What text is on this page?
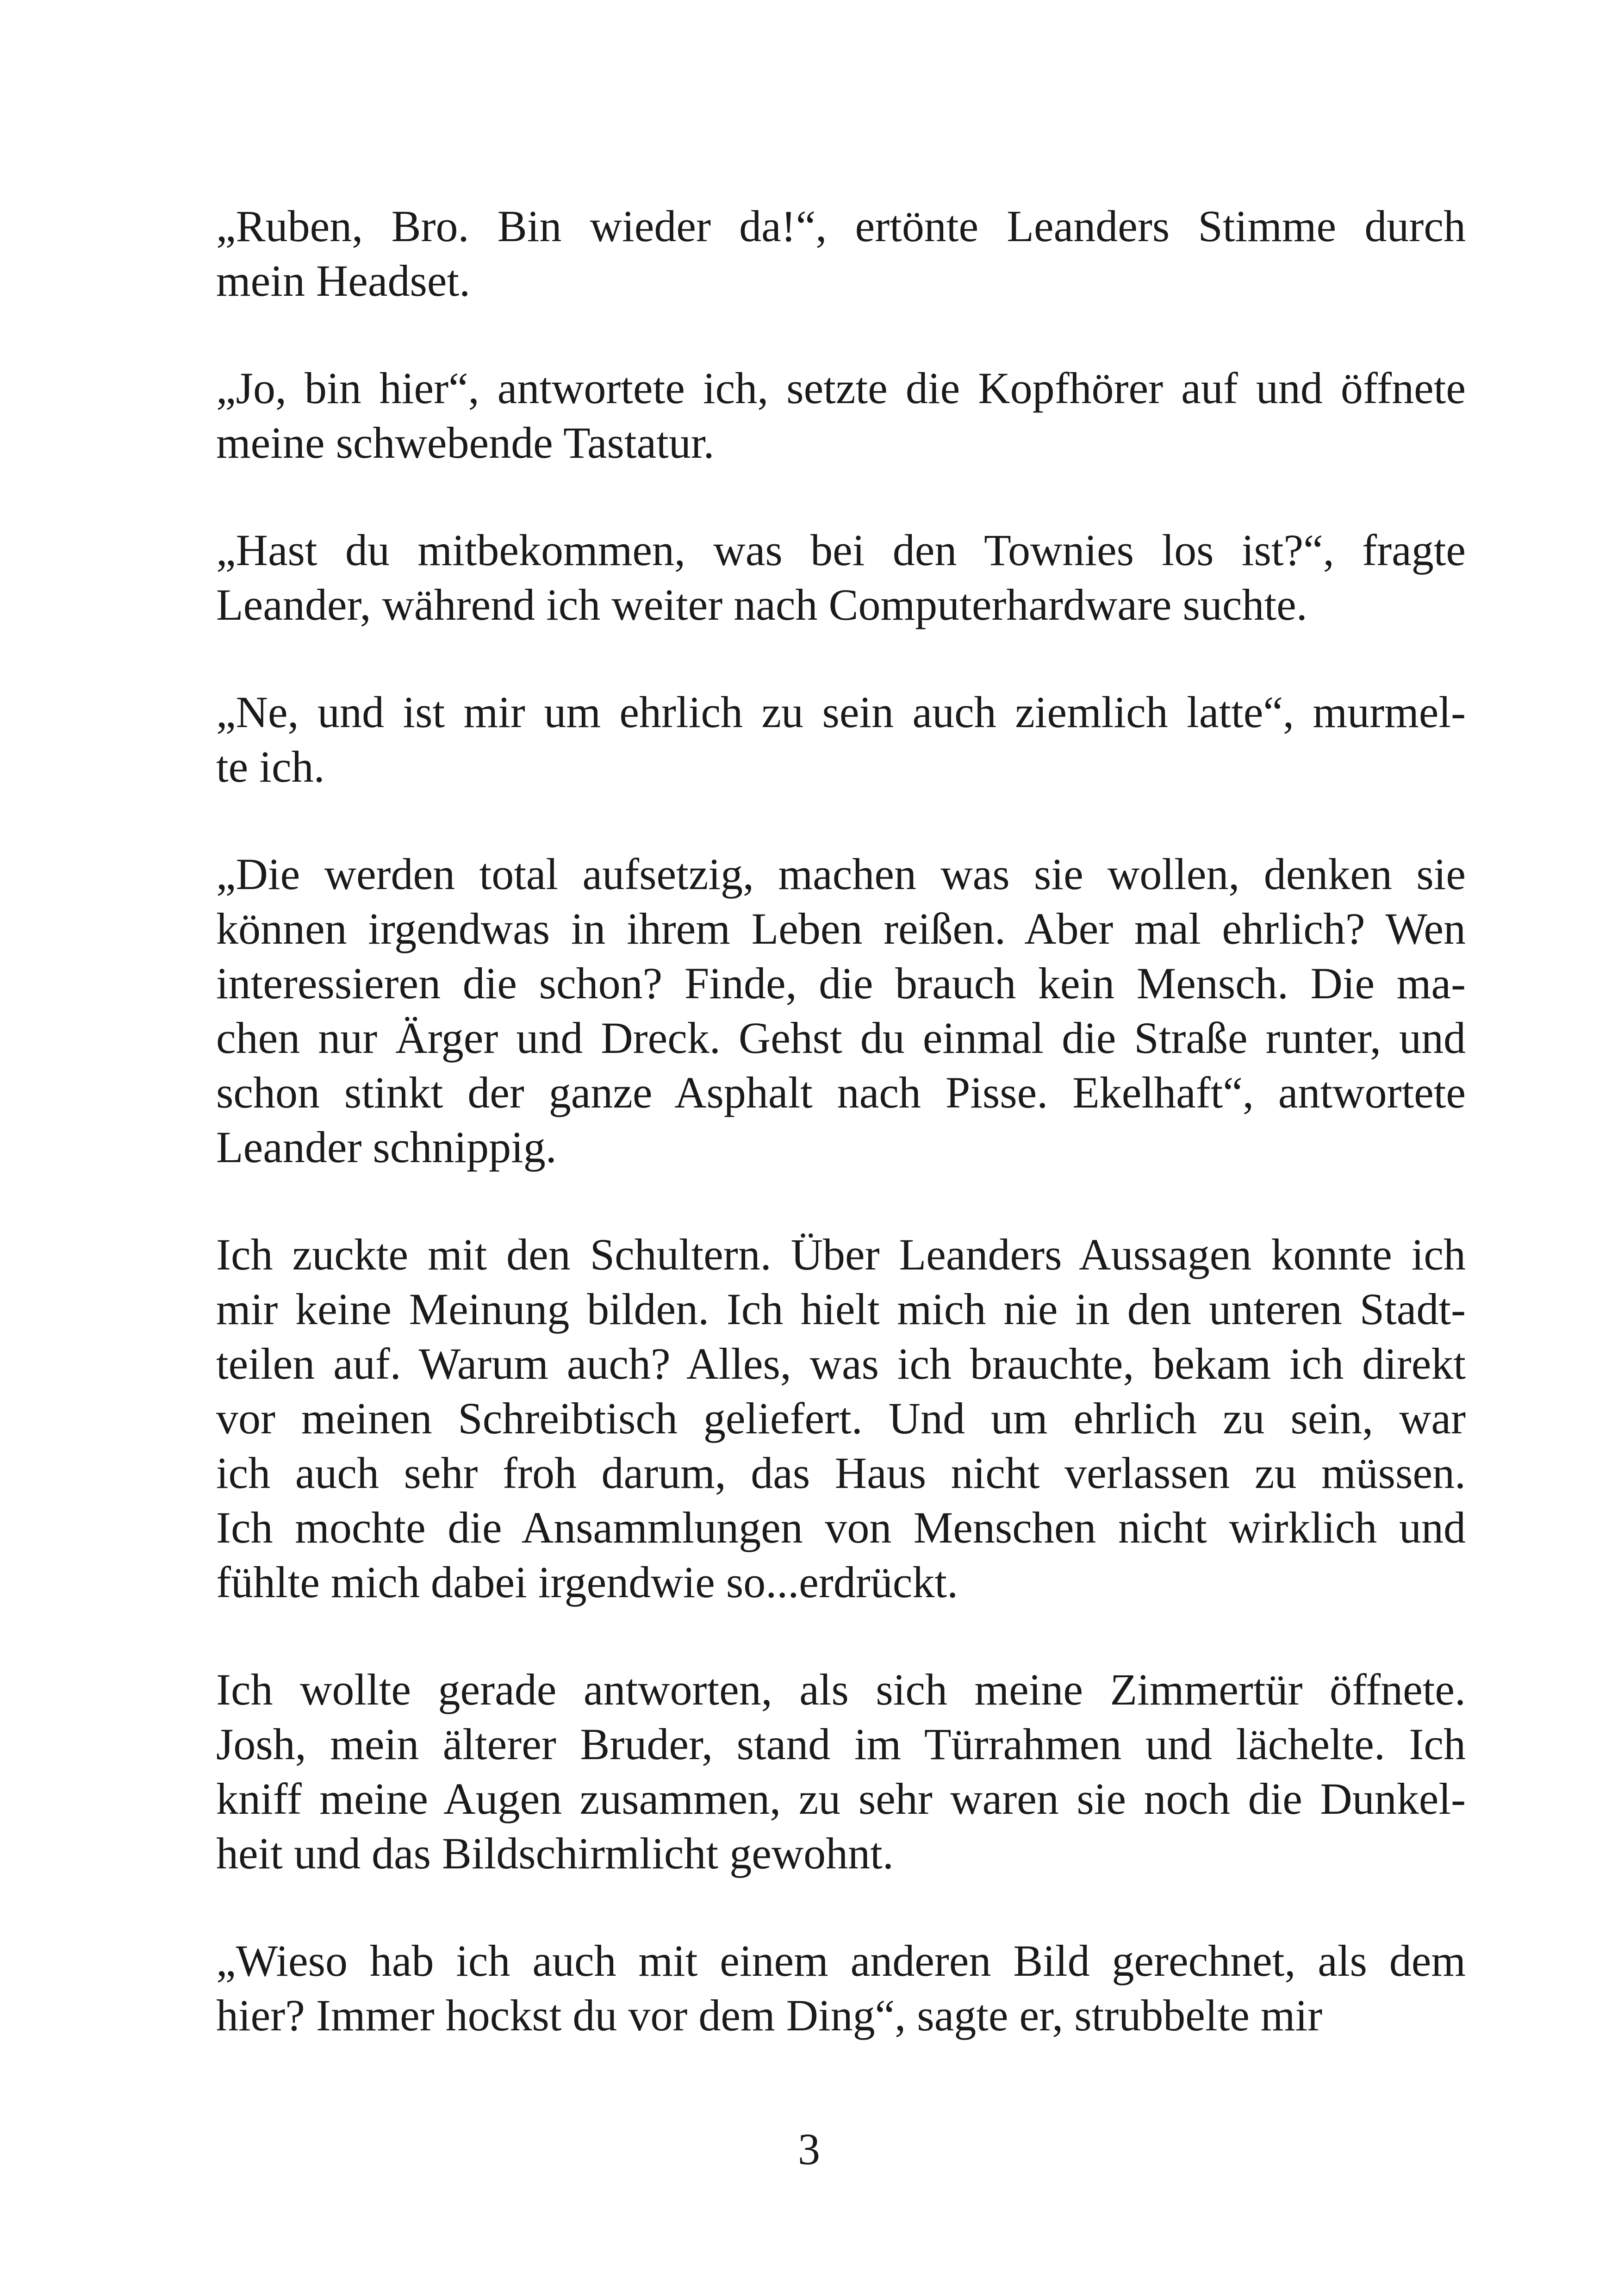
„Ruben, Bro. Bin wieder da!“, ertönte Leanders Stimme durch
mein Headset.
„Jo, bin hier“, antwortete ich, setzte die Kopfhörer auf und öffnete
meine schwebende Tastatur.
„Hast du mitbekommen, was bei den Townies los ist?“, fragte
Leander, während ich weiter nach Computerhardware suchte.
„Ne, und ist mir um ehrlich zu sein auch ziemlich latte“, murmel-
te ich.
„Die werden total aufsetzig, machen was sie wollen, denken sie
können irgendwas in ihrem Leben reißen. Aber mal ehrlich? Wen
interessieren die schon? Finde, die brauch kein Mensch. Die ma-
chen nur Ärger und Dreck. Gehst du einmal die Straße runter, und
schon stinkt der ganze Asphalt nach Pisse. Ekelhaft“, antwortete
Leander schnippig.
Ich zuckte mit den Schultern. Über Leanders Aussagen konnte ich
mir keine Meinung bilden. Ich hielt mich nie in den unteren Stadt-
teilen auf. Warum auch? Alles, was ich brauchte, bekam ich direkt
vor meinen Schreibtisch geliefert. Und um ehrlich zu sein, war
ich auch sehr froh darum, das Haus nicht verlassen zu müssen.
Ich mochte die Ansammlungen von Menschen nicht wirklich und
fühlte mich dabei irgendwie so...erdrückt.
Ich wollte gerade antworten, als sich meine Zimmertür öffnete.
Josh, mein älterer Bruder, stand im Türrahmen und lächelte. Ich
kniff meine Augen zusammen, zu sehr waren sie noch die Dunkel-
heit und das Bildschirmlicht gewohnt.
„Wieso hab ich auch mit einem anderen Bild gerechnet, als dem
hier? Immer hockst du vor dem Ding“, sagte er, strubbelte mir
3
